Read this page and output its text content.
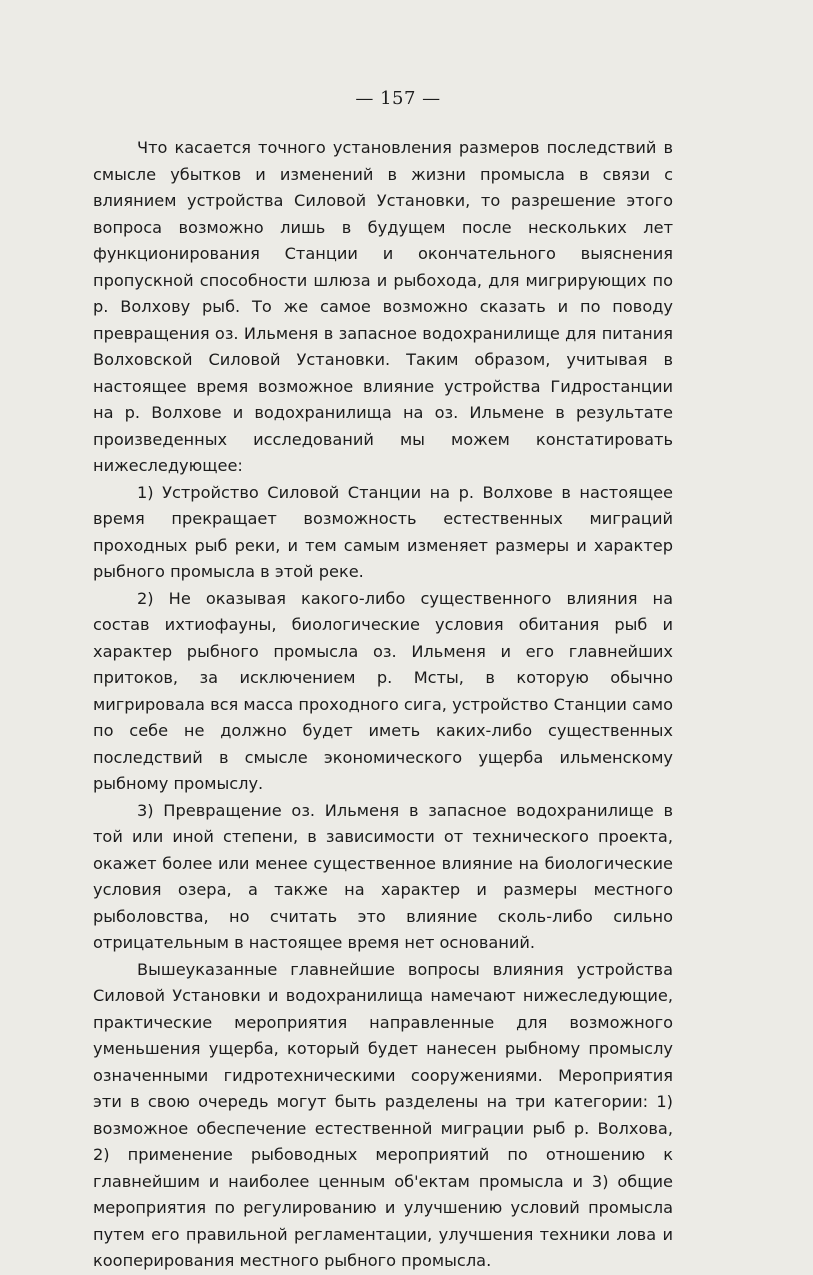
— 157 —

Что касается точного установления размеров последствий в смысле убытков и изменений в жизни промысла в связи с влиянием устройства Силовой Установки, то разрешение этого вопроса возможно лишь в будущем после нескольких лет функционирования Станции и окончательного выяснения пропускной способности шлюза и рыбохода, для мигрирующих по р. Волхову рыб. То же самое возможно сказать и по поводу превращения оз. Ильменя в запасное водохранилище для питания Волховской Силовой Установки. Таким образом, учитывая в настоящее время возможное влияние устройства Гидростанции на р. Волхове и водохранилища на оз. Ильмене в результате произведенных исследований мы можем констатировать нижеследующее:

1) Устройство Силовой Станции на р. Волхове в настоящее время прекращает возможность естественных миграций проходных рыб реки, и тем самым изменяет размеры и характер рыбного промысла в этой реке.

2) Не оказывая какого-либо существенного влияния на состав ихтиофауны, биологические условия обитания рыб и характер рыбного промысла оз. Ильменя и его главнейших притоков, за исключением р. Мсты, в которую обычно мигрировала вся масса проходного сига, устройство Станции само по себе не должно будет иметь каких-либо существенных последствий в смысле экономического ущерба ильменскому рыбному промыслу.

3) Превращение оз. Ильменя в запасное водохранилище в той или иной степени, в зависимости от технического проекта, окажет более или менее существенное влияние на биологические условия озера, а также на характер и размеры местного рыболовства, но считать это влияние сколь-либо сильно отрицательным в настоящее время нет оснований.

Вышеуказанные главнейшие вопросы влияния устройства Силовой Установки и водохранилища намечают нижеследующие, практические мероприятия направленные для возможного уменьшения ущерба, который будет нанесен рыбному промыслу означенными гидротехническими сооружениями. Мероприятия эти в свою очередь могут быть разделены на три категории: 1) возможное обеспечение естественной миграции рыб р. Волхова, 2) применение рыбоводных мероприятий по отношению к главнейшим и наиболее ценным об'ектам промысла и 3) общие мероприятия по регулированию и улучшению условий промысла путем его правильной регламентации, улучшения техники лова и кооперирования местного рыбного промысла.
